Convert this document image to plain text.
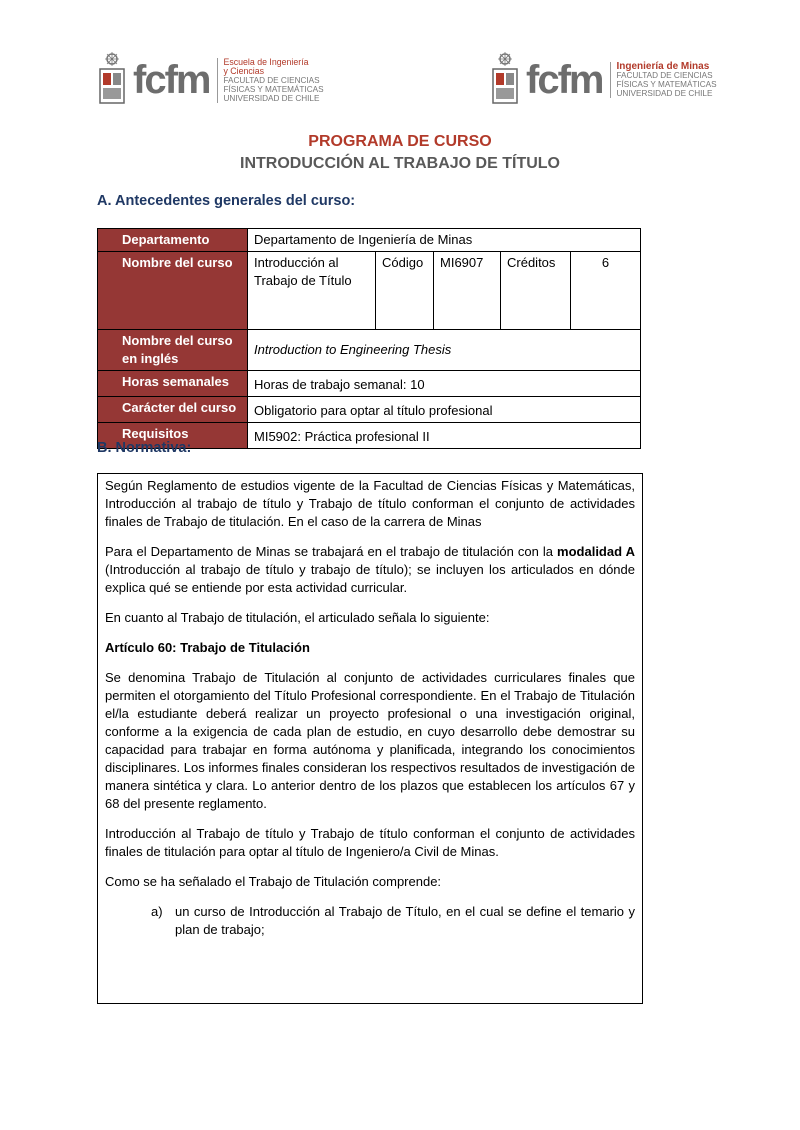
fcfm Escuela de Ingeniería
y Ciencias
FACULTAD DE CIENCIAS
FÍSICAS Y MATEMÁTICAS
UNIVERSIDAD DE CHILE	fcfm Ingeniería de Minas
FACULTAD DE CIENCIAS
FÍSICAS Y MATEMÁTICAS
UNIVERSIDAD DE CHILE
PROGRAMA DE CURSO
INTRODUCCIÓN AL TRABAJO DE TÍTULO
A. Antecedentes generales del curso:
Departamento	Departamento de Ingeniería de Minas				
Nombre del curso	Introducción al Trabajo de Título	Código	MI6907	Créditos	6
Nombre del curso en inglés	Introduction to Engineering Thesis				
Horas semanales	Horas de trabajo semanal: 10				
Carácter del curso	Obligatorio para optar al título profesional				
Requisitos	MI5902: Práctica profesional II				
B. Normativa:

Según Reglamento de estudios vigente de la Facultad de Ciencias Físicas y Matemáticas, Introducción al trabajo de título y Trabajo de título conforman el conjunto de actividades finales de Trabajo de titulación. En el caso de la carrera de Minas

Para el Departamento de Minas se trabajará en el trabajo de titulación con la modalidad A (Introducción al trabajo de título y trabajo de título); se incluyen los articulados en dónde explica qué se entiende por esta actividad curricular.

En cuanto al Trabajo de titulación, el articulado señala lo siguiente:

Artículo 60: Trabajo de Titulación

Se denomina Trabajo de Titulación al conjunto de actividades curriculares finales que permiten el otorgamiento del Título Profesional correspondiente. En el Trabajo de Titulación el/la estudiante deberá realizar un proyecto profesional o una investigación original, conforme a la exigencia de cada plan de estudio, en cuyo desarrollo debe demostrar su capacidad para trabajar en forma autónoma y planificada, integrando los conocimientos disciplinares. Los informes finales consideran los respectivos resultados de investigación de manera sintética y clara. Lo anterior dentro de los plazos que establecen los artículos 67 y 68 del presente reglamento.

Introducción al Trabajo de título y Trabajo de título conforman el conjunto de actividades finales de titulación para optar al título de Ingeniero/a Civil de Minas.

Como se ha señalado el Trabajo de Titulación comprende:

a) un curso de Introducción al Trabajo de Título, en el cual se define el temario y plan de trabajo;
